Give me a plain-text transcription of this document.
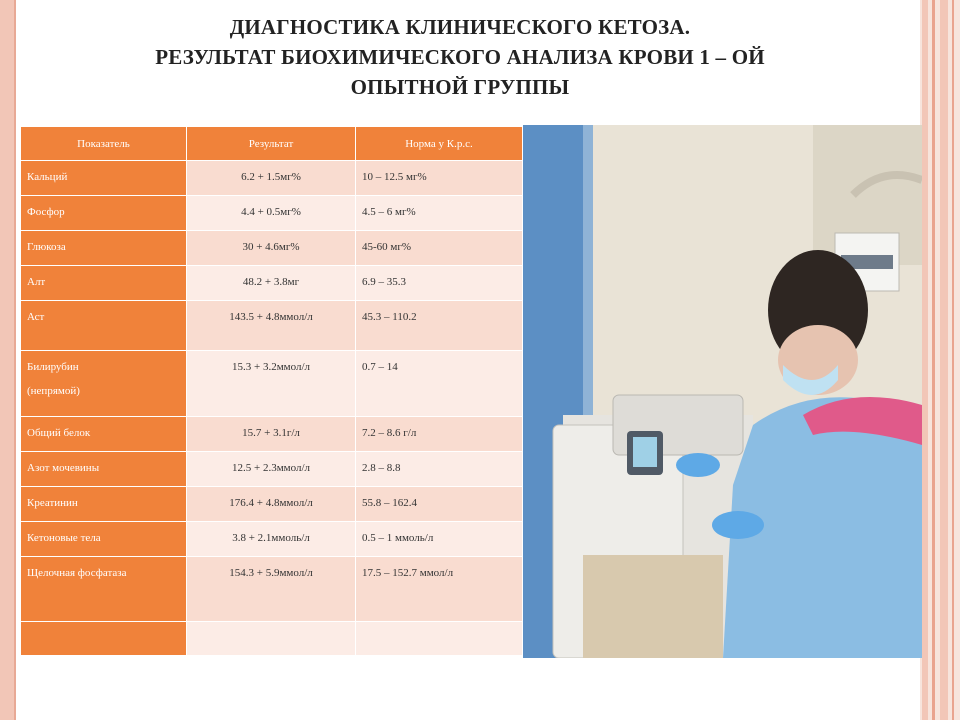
ДИАГНОСТИКА КЛИНИЧЕСКОГО КЕТОЗА.
РЕЗУЛЬТАТ БИОХИМИЧЕСКОГО АНАЛИЗА КРОВИ 1 – ОЙ
ОПЫТНОЙ ГРУППЫ
Показатель	Результат	Норма у К.р.с.

Кальций	6.2 + 1.5мг%	10 – 12.5 мг%

Фосфор	4.4 + 0.5мг%	4.5 – 6 мг%

Глюкоза	30 + 4.6мг%	45-60 мг%

Алт	48.2 + 3.8мг	6.9 – 35.3

Аст	143.5 + 4.8ммол/л	45.3 – 110.2

Билирубин (непрямой)	15.3 + 3.2ммол/л	0.7 – 14

Общий белок	15.7 + 3.1г/л	7.2 – 8.6 г/л

Азот мочевины	12.5 + 2.3ммол/л	2.8 – 8.8

Креатинин	176.4 + 4.8ммол/л	55.8 – 162.4

Кетоновые тела	3.8 + 2.1ммоль/л	0.5 – 1 ммоль/л

Щелочная фосфатаза	154.3 + 5.9ммол/л	17.5 – 152.7 ммол/л
